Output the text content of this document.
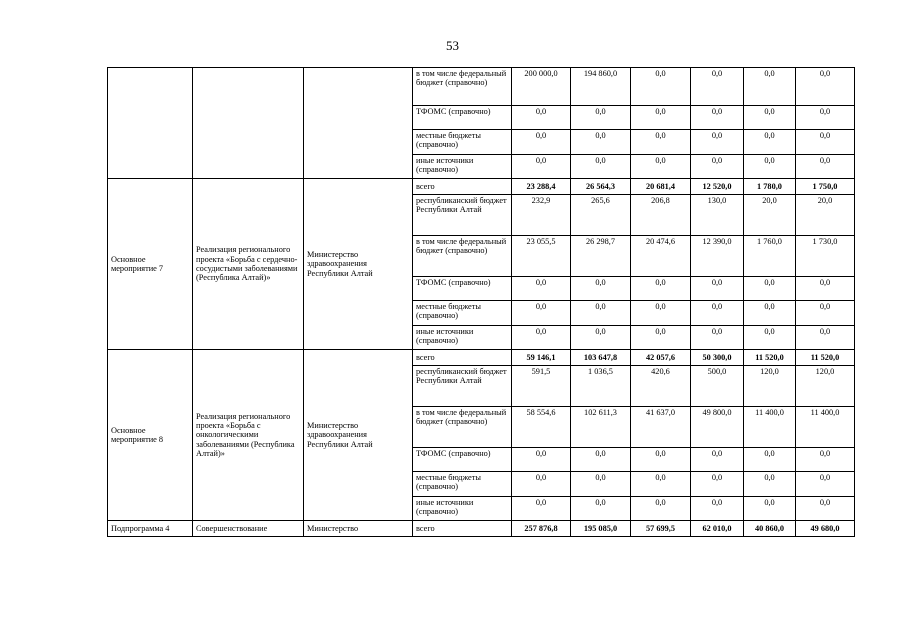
53
			в том числе федеральный бюджет (справочно)	200 000,0	194 860,0	0,0	0,0	0,0	0,0
			ТФОМС (справочно)	0,0	0,0	0,0	0,0	0,0	0,0
			местные бюджеты (справочно)	0,0	0,0	0,0	0,0	0,0	0,0
			иные источники (справочно)	0,0	0,0	0,0	0,0	0,0	0,0
Основное мероприятие 7	Реализация регионального проекта «Борьба с сердечно-сосудистыми заболеваниями (Республика Алтай)»	Министерство здравоохранения Республики Алтай	всего	23 288,4	26 564,3	20 681,4	12 520,0	1 780,0	1 750,0
			республиканский бюджет Республики Алтай	232,9	265,6	206,8	130,0	20,0	20,0
			в том числе федеральный бюджет (справочно)	23 055,5	26 298,7	20 474,6	12 390,0	1 760,0	1 730,0
			ТФОМС (справочно)	0,0	0,0	0,0	0,0	0,0	0,0
			местные бюджеты (справочно)	0,0	0,0	0,0	0,0	0,0	0,0
			иные источники (справочно)	0,0	0,0	0,0	0,0	0,0	0,0
Основное мероприятие 8	Реализация регионального проекта «Борьба с онкологическими заболеваниями (Республика Алтай)»	Министерство здравоохранения Республики Алтай	всего	59 146,1	103 647,8	42 057,6	50 300,0	11 520,0	11 520,0
			республиканский бюджет Республики Алтай	591,5	1 036,5	420,6	500,0	120,0	120,0
			в том числе федеральный бюджет (справочно)	58 554,6	102 611,3	41 637,0	49 800,0	11 400,0	11 400,0
			ТФОМС (справочно)	0,0	0,0	0,0	0,0	0,0	0,0
			местные бюджеты (справочно)	0,0	0,0	0,0	0,0	0,0	0,0
			иные источники (справочно)	0,0	0,0	0,0	0,0	0,0	0,0
Подпрограмма 4	Совершенствование	Министерство	всего	257 876,8	195 085,0	57 699,5	62 010,0	40 860,0	49 680,0
